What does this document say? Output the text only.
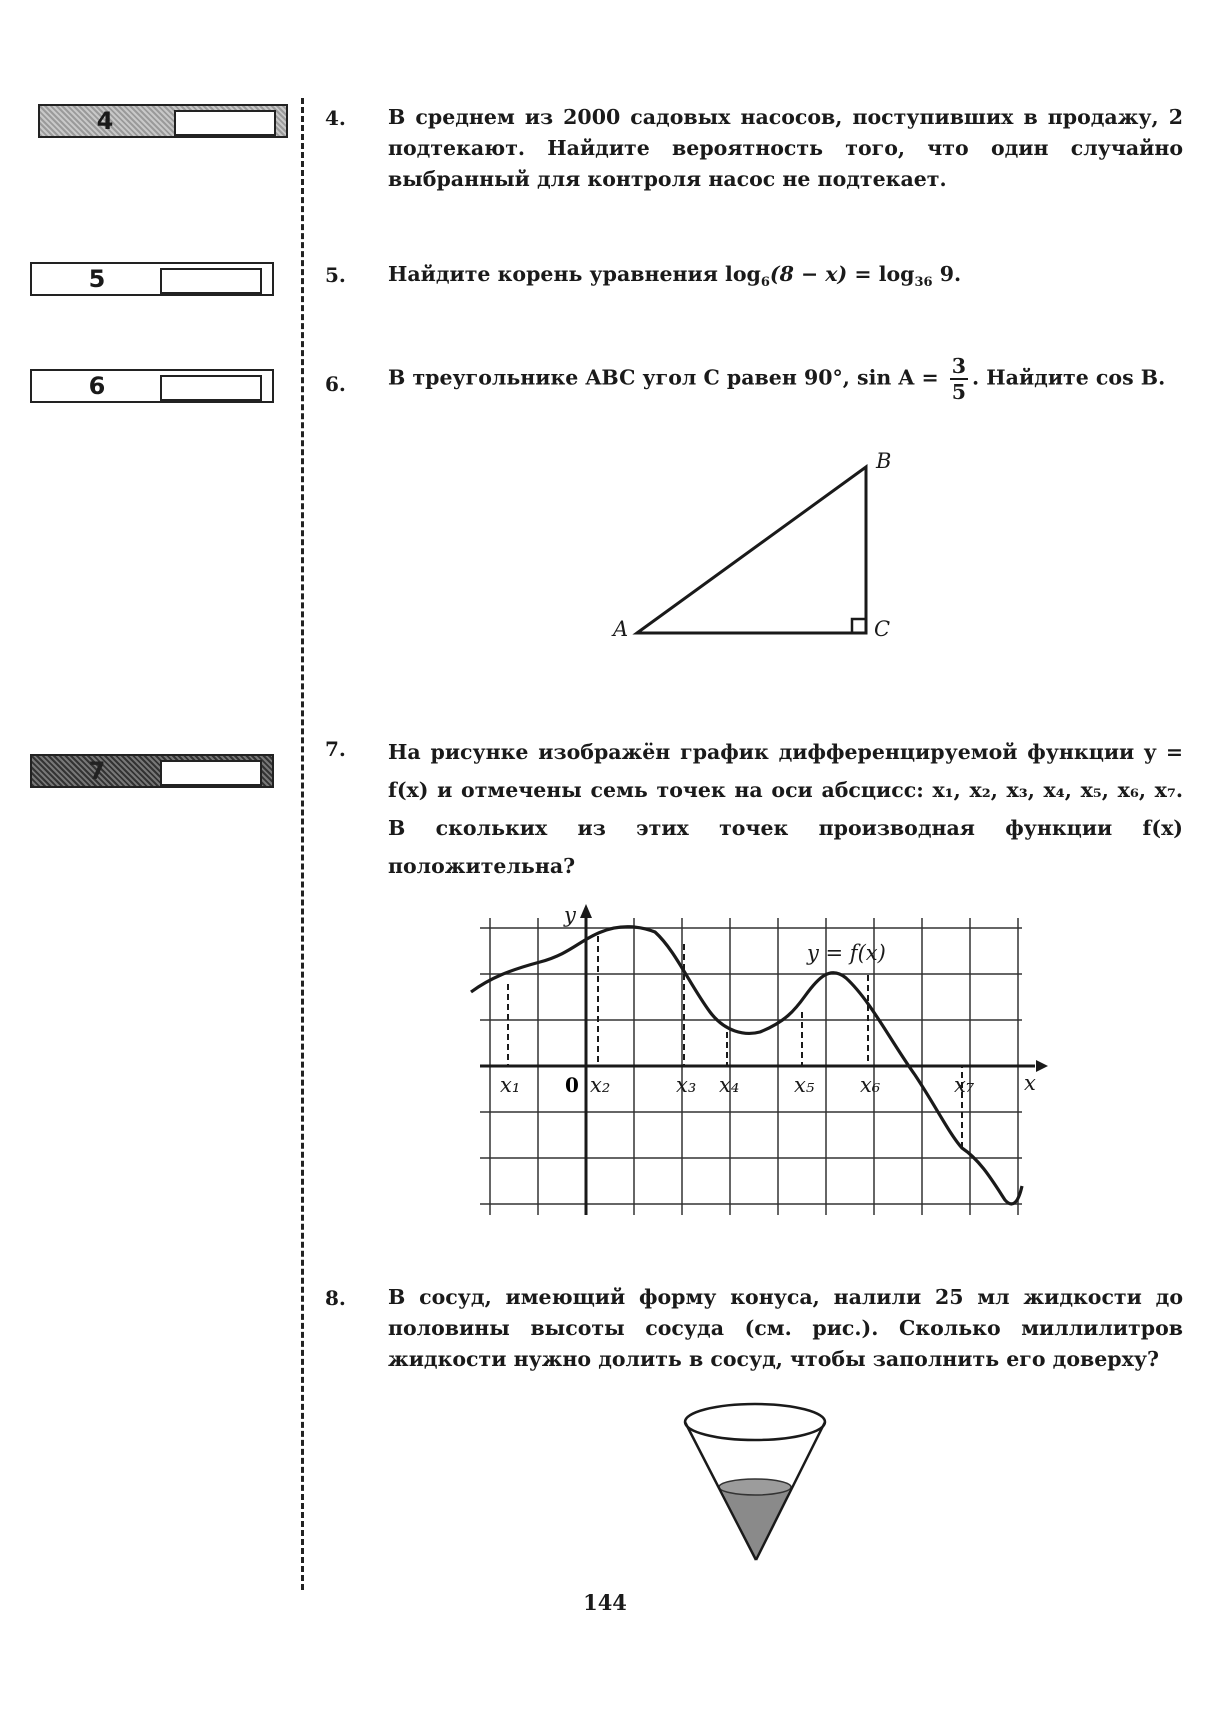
4
5
6
7
4. В среднем из 2000 садовых насосов, поступивших в продажу, 2 подтекают. Найдите вероятность того, что один случайно выбранный для контроля насос не подтекает.
5. Найдите корень уравнения $\log_6(8 - x) = \log_{36} 9$.
6. В треугольнике ABC угол C равен 90°, $\sin A = \frac{3}{5}$ . Найдите cos B.
A
B
C
7. На рисунке изображён график дифференцируемой функции y = f(x) и отмечены семь точек на оси абсцисс: x₁, x₂, x₃, x₄, x₅, x₆, x₇. В скольких из этих точек производная функции f(x) положительна?
x₁	x₂	x₃ x₄	x₅ x₆	x₇
y
x
0
y = f(x)
8. В сосуд, имеющий форму конуса, налили 25 мл жидкости до половины высоты сосуда (см. рис.). Сколько миллилитров жидкости нужно долить в сосуд, чтобы заполнить его доверху?
144
